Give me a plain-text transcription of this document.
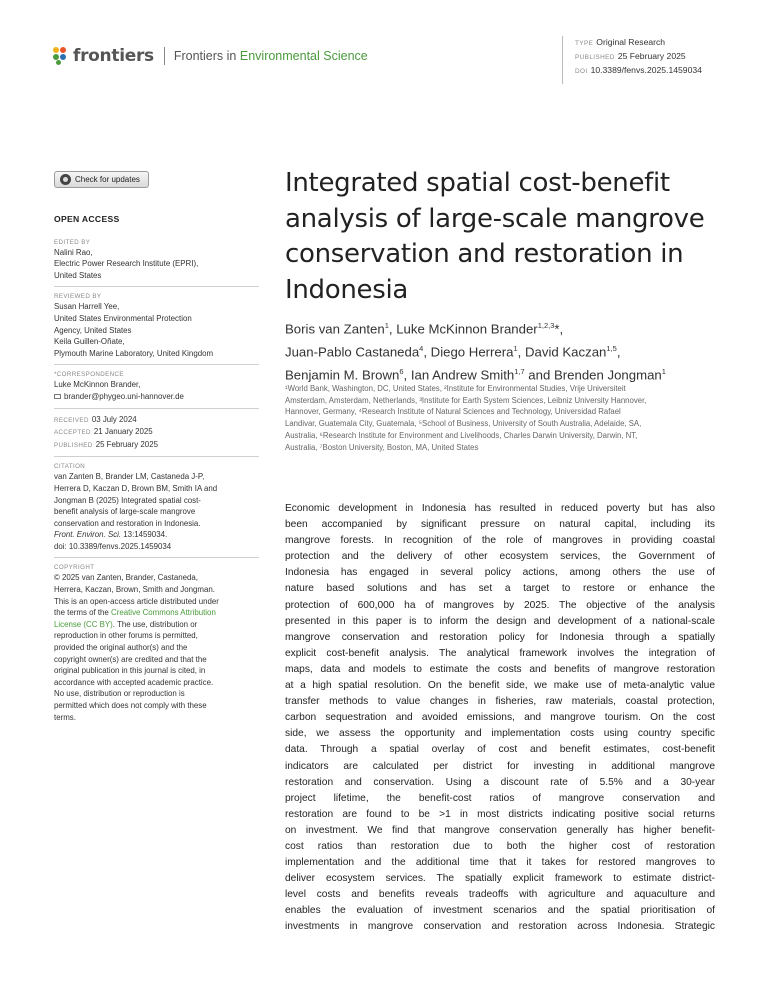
frontiers Frontiers in Environmental Science
TYPE Original Research
PUBLISHED 25 February 2025
DOI 10.3389/fenvs.2025.1459034
Check for updates
OPEN ACCESS
EDITED BY
Nalini Rao,
Electric Power Research Institute (EPRI),
United States
REVIEWED BY
Susan Harrell Yee,
United States Environmental Protection
Agency, United States
Keila Guillen-Oñate,
Plymouth Marine Laboratory, United Kingdom
*CORRESPONDENCE
Luke McKinnon Brander,
brander@phygeo.uni-hannover.de
RECEIVED 03 July 2024
ACCEPTED 21 January 2025
PUBLISHED 25 February 2025
CITATION
van Zanten B, Brander LM, Castaneda J-P,
Herrera D, Kaczan D, Brown BM, Smith IA and
Jongman B (2025) Integrated spatial cost-
benefit analysis of large-scale mangrove
conservation and restoration in Indonesia.
Front. Environ. Sci. 13:1459034.
doi: 10.3389/fenvs.2025.1459034
COPYRIGHT
© 2025 van Zanten, Brander, Castaneda,
Herrera, Kaczan, Brown, Smith and Jongman.
This is an open-access article distributed under
the terms of the Creative Commons Attribution
License (CC BY). The use, distribution or
reproduction in other forums is permitted,
provided the original author(s) and the
copyright owner(s) are credited and that the
original publication in this journal is cited, in
accordance with accepted academic practice.
No use, distribution or reproduction is
permitted which does not comply with these
terms.
Integrated spatial cost-benefit
analysis of large-scale mangrove
conservation and restoration in
Indonesia
Boris van Zanten$^1$, Luke McKinnon Brander$^{1,2,3}$*,
Juan-Pablo Castaneda$^4$, Diego Herrera$^1$, David Kaczan$^{1,5}$,
Benjamin M. Brown$^6$, Ian Andrew Smith$^{1,7}$ and Brenden Jongman$^1$

¹World Bank, Washington, DC, United States, ²Institute for Environmental Studies, Vrije Universiteit

Amsterdam, Amsterdam, Netherlands, ³Institute for Earth System Sciences, Leibniz University Hannover,

Hannover, Germany, ⁴Research Institute of Natural Sciences and Technology, Universidad Rafael

Landivar, Guatemala City, Guatemala, ⁵School of Business, University of South Australia, Adelaide, SA,

Australia, ⁶Research Institute for Environment and Livelihoods, Charles Darwin University, Darwin, NT,

Australia, ⁷Boston University, Boston, MA, United States

Economic development in Indonesia has resulted in reduced poverty but has also

been accompanied by significant pressure on natural capital, including its

mangrove forests. In recognition of the role of mangroves in providing coastal

protection and the delivery of other ecosystem services, the Government of

Indonesia has engaged in several policy actions, among others the use of

nature based solutions and has set a target to restore or enhance the

protection of 600,000 ha of mangroves by 2025. The objective of the analysis

presented in this paper is to inform the design and development of a national-scale

mangrove conservation and restoration policy for Indonesia through a spatially

explicit cost-benefit analysis. The analytical framework involves the integration of

maps, data and models to estimate the costs and benefits of mangrove restoration

at a high spatial resolution. On the benefit side, we make use of meta-analytic value

transfer methods to value changes in fisheries, raw materials, coastal protection,

carbon sequestration and avoided emissions, and mangrove tourism. On the cost

side, we assess the opportunity and implementation costs using country specific

data. Through a spatial overlay of cost and benefit estimates, cost-benefit

indicators are calculated per district for investing in additional mangrove

restoration and conservation. Using a discount rate of 5.5% and a 30-year

project lifetime, the benefit-cost ratios of mangrove conservation and

restoration are found to be >1 in most districts indicating positive social returns

on investment. We find that mangrove conservation generally has higher benefit-

cost ratios than restoration due to both the higher cost of restoration

implementation and the additional time that it takes for restored mangroves to

deliver ecosystem services. The spatially explicit framework to estimate district-

level costs and benefits reveals tradeoffs with agriculture and aquaculture and

enables the evaluation of investment scenarios and the spatial prioritisation of

investments in mangrove conservation and restoration across Indonesia. Strategic
